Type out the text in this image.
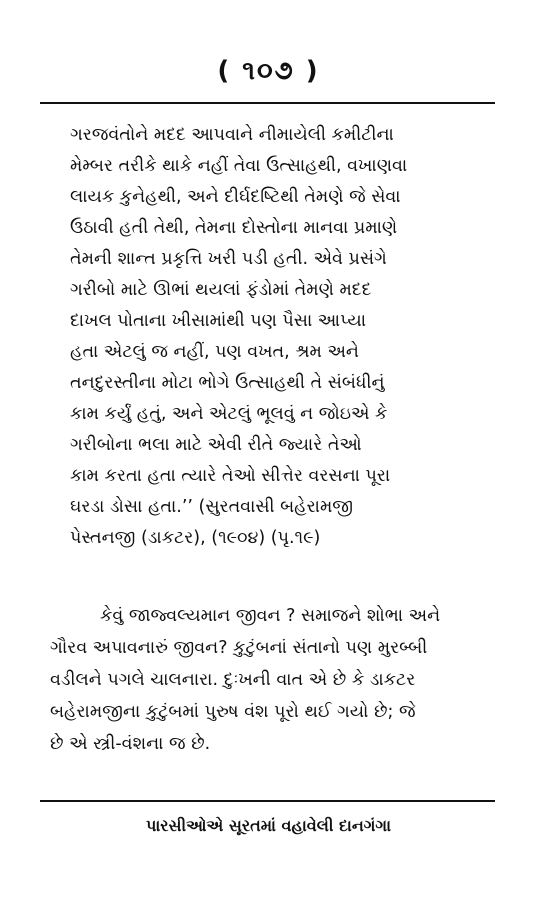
( ૧૦૭ )
ગરજવંતોને મદદ આપવાને નીમાયેલી કમીટીના
મેમ્બર તરીકે થાકે નહીં તેવા ઉત્સાહથી, વખાણવા
લાયક કુનેહથી, અને દીર્ઘદષ્ટિથી તેમણે જે સેવા
ઉઠાવી હતી તેથી, તેમના દોસ્તોના માનવા પ્રમાણે
તેમની શાન્ત પ્રકૃત્તિ ખરી પડી હતી. એવે પ્રસંગે
ગરીબો માટે ઊભાં થયલાં ફંડોમાં તેમણે મદદ
દાખલ પોતાના ખીસામાંથી પણ પૈસા આપ્યા
હતા એટલું જ નહીં, પણ વખત, શ્રમ અને
તનદુરસ્તીના મોટા ભોગે ઉત્સાહથી તે સંબંધીનું
કામ કર્યું હતું, અને એટલું ભૂલવું ન જોઇએ કે
ગરીબોના ભલા માટે એવી રીતે જ્યારે તેઓ
કામ કરતા હતા ત્યારે તેઓ સીત્તેર વરસના પૂરા
ઘરડા ડોસા હતા.’’ (સુરતવાસી બહેરામજી
પેસ્તનજી (ડાકટર), (૧૯૦૪) (પૃ.૧૯)
કેવું જાજ્વલ્યમાન જીવન ? સમાજને શોભા અને
ગૌરવ અપાવનારું જીવન? કુટુંબનાં સંતાનો પણ મુરબ્બી
વડીલને પગલે ચાલનારા. દુઃખની વાત એ છે કે ડાકટર
બહેરામજીના કુટુંબમાં પુરુષ વંશ પૂરો થઈ ગયો છે; જે
છે એ સ્ત્રી-વંશના જ છે.
પારસીઓએ સૂરતમાં વહાવેલી દાનગંગા
